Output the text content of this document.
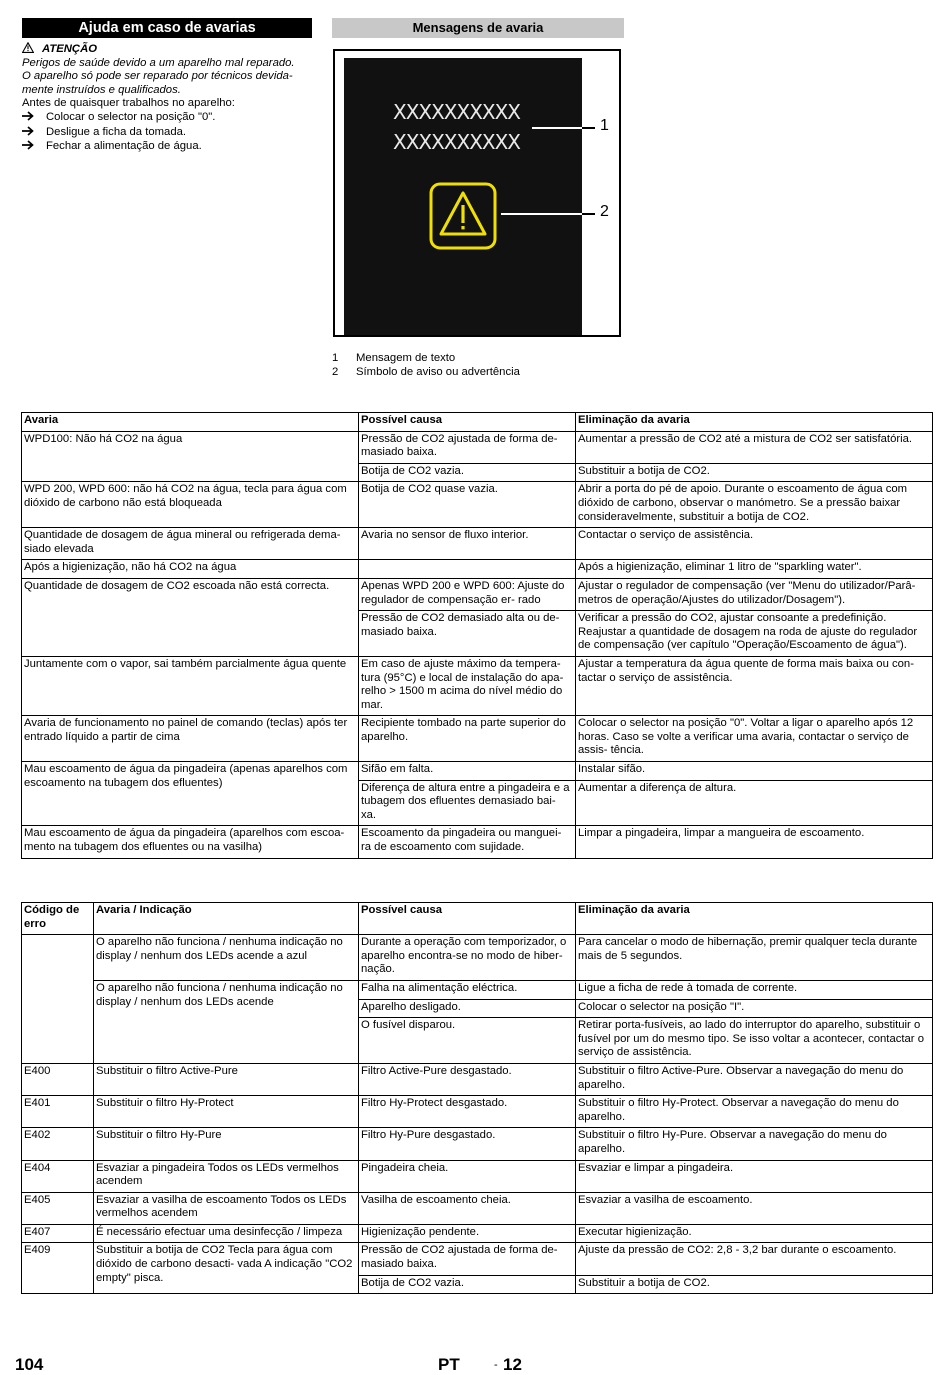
Ajuda em caso de avarias	Mensagens de avaria
ATENÇÃO
Perigos de saúde devido a um aparelho mal reparado.
O aparelho só pode ser reparado por técnicos devida-
mente instruídos e qualificados.
Antes de quaisquer trabalhos no aparelho:
Colocar o selector na posição "0".
Desligue a ficha da tomada.
Fechar a alimentação de água.
XXXXXXXXXX
XXXXXXXXXX
1
2
1	Mensagem de texto
2	Símbolo de aviso ou advertência
Avaria	Possível causa	Eliminação da avaria
WPD100: Não há CO2 na água	Pressão de CO2 ajustada de forma de- masiado baixa.	Aumentar a pressão de CO2 até a mistura de CO2 ser satisfatória.
	Botija de CO2 vazia.	Substituir a botija de CO2.
WPD 200, WPD 600: não há CO2 na água, tecla para água com dióxido de carbono não está bloqueada	Botija de CO2 quase vazia.	Abrir a porta do pé de apoio. Durante o escoamento de água com dióxido de carbono, observar o manómetro. Se a pressão baixar consideravelmente, substituir a botija de CO2.
Quantidade de dosagem de água mineral ou refrigerada dema- siado elevada	Avaria no sensor de fluxo interior.	Contactar o serviço de assistência.
Após a higienização, não há CO2 na água		Após a higienização, eliminar 1 litro de "sparkling water".
Quantidade de dosagem de CO2 escoada não está correcta.	Apenas WPD 200 e WPD 600: Ajuste do regulador de compensação er- rado	Ajustar o regulador de compensação (ver "Menu do utilizador/Parâ- metros de operação/Ajustes do utilizador/Dosagem").
	Pressão de CO2 demasiado alta ou de- masiado baixa.	Verificar a pressão do CO2, ajustar consoante a predefinição. Reajustar a quantidade de dosagem na roda de ajuste do regulador de compensação (ver capítulo "Operação/Escoamento de água").
Juntamente com o vapor, sai também parcialmente água quente	Em caso de ajuste máximo da tempera- tura (95°C) e local de instalação do apa- relho > 1500 m acima do nível médio do mar.	Ajustar a temperatura da água quente de forma mais baixa ou con- tactar o serviço de assistência.
Avaria de funcionamento no painel de comando (teclas) após ter entrado líquido a partir de cima	Recipiente tombado na parte superior do aparelho.	Colocar o selector na posição "0". Voltar a ligar o aparelho após 12 horas. Caso se volte a verificar uma avaria, contactar o serviço de assis- tência.
Mau escoamento de água da pingadeira (apenas aparelhos com escoamento na tubagem dos efluentes)	Sifão em falta.	Instalar sifão.
	Diferença de altura entre a pingadeira e a tubagem dos efluentes demasiado bai- xa.	Aumentar a diferença de altura.
Mau escoamento de água da pingadeira (aparelhos com escoa- mento na tubagem dos efluentes ou na vasilha)	Escoamento da pingadeira ou manguei- ra de escoamento com sujidade.	Limpar a pingadeira, limpar a mangueira de escoamento.
Código de erro	Avaria / Indicação	Possível causa	Eliminação da avaria
	O aparelho não funciona / nenhuma indicação no display / nenhum dos LEDs acende a azul	Durante a operação com temporizador, o aparelho encontra-se no modo de hiber- nação.	Para cancelar o modo de hibernação, premir qualquer tecla durante mais de 5 segundos.
	O aparelho não funciona / nenhuma indicação no display / nenhum dos LEDs acende	Falha na alimentação eléctrica.	Ligue a ficha de rede à tomada de corrente.
		Aparelho desligado.	Colocar o selector na posição "I".
		O fusível disparou.	Retirar porta-fusíveis, ao lado do interruptor do aparelho, substituir o fusível por um do mesmo tipo. Se isso voltar a acontecer, contactar o serviço de assistência.
E400	Substituir o filtro Active-Pure	Filtro Active-Pure desgastado.	Substituir o filtro Active-Pure. Observar a navegação do menu do aparelho.
E401	Substituir o filtro Hy-Protect	Filtro Hy-Protect desgastado.	Substituir o filtro Hy-Protect. Observar a navegação do menu do aparelho.
E402	Substituir o filtro Hy-Pure	Filtro Hy-Pure desgastado.	Substituir o filtro Hy-Pure. Observar a navegação do menu do aparelho.
E404	Esvaziar a pingadeira Todos os LEDs vermelhos acendem	Pingadeira cheia.	Esvaziar e limpar a pingadeira.
E405	Esvaziar a vasilha de escoamento Todos os LEDs vermelhos acendem	Vasilha de escoamento cheia.	Esvaziar a vasilha de escoamento.
E407	É necessário efectuar uma desinfecção / limpeza	Higienização pendente.	Executar higienização.
E409	Substituir a botija de CO2 Tecla para água com dióxido de carbono desacti- vada A indicação "CO2 empty" pisca.	Pressão de CO2 ajustada de forma de- masiado baixa.	Ajuste da pressão de CO2: 2,8 - 3,2 bar durante o escoamento.
		Botija de CO2 vazia.	Substituir a botija de CO2.
104	PT	- 12
